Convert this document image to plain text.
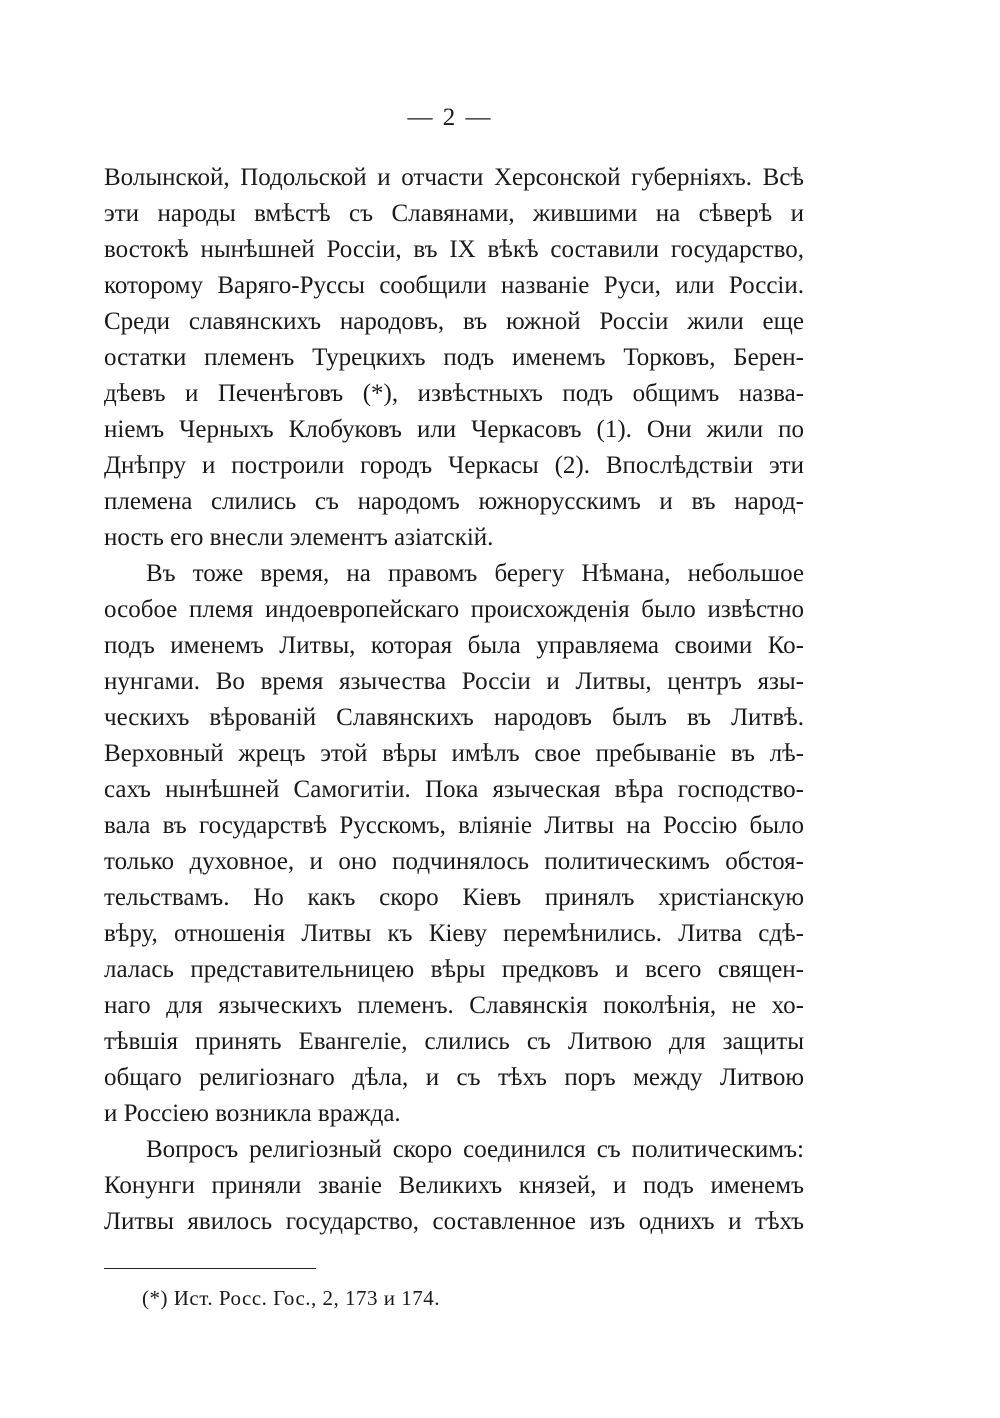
— 2 —
Волынской, Подольской и отчасти Херсонской губерніяхъ. Всѣ
эти народы вмѣстѣ съ Славянами, жившими на сѣверѣ и
востокѣ нынѣшней Россіи, въ IX вѣкѣ составили государство,
которому Варяго-Руссы сообщили названіе Руси, или Россіи.
Среди славянскихъ народовъ, въ южной Россіи жили еще
остатки племенъ Турецкихъ подъ именемъ Торковъ, Берен-
дѣевъ и Печенѣговъ (*), извѣстныхъ подъ общимъ назва-
ніемъ Черныхъ Клобуковъ или Черкасовъ (1). Они жили по
Днѣпру и построили городъ Черкасы (2). Впослѣдствіи эти
племена слились съ народомъ южнорусскимъ и въ народ-
ность его внесли элементъ азіатскій.
Въ тоже время, на правомъ берегу Нѣмана, небольшое
особое племя индоевропейскаго происхожденія было извѣстно
подъ именемъ Литвы, которая была управляема своими Ко-
нунгами. Во время язычества Россіи и Литвы, центръ язы-
ческихъ вѣрованій Славянскихъ народовъ былъ въ Литвѣ.
Верховный жрецъ этой вѣры имѣлъ свое пребываніе въ лѣ-
сахъ нынѣшней Самогитіи. Пока языческая вѣра господство-
вала въ государствѣ Русскомъ, вліяніе Литвы на Россію было
только духовное, и оно подчинялось политическимъ обстоя-
тельствамъ. Но какъ скоро Кіевъ принялъ христіанскую
вѣру, отношенія Литвы къ Кіеву перемѣнились. Литва сдѣ-
лалась представительницею вѣры предковъ и всего священ-
наго для языческихъ племенъ. Славянскія поколѣнія, не хо-
тѣвшія принять Евангеліе, слились съ Литвою для защиты
общаго религіознаго дѣла, и съ тѣхъ поръ между Литвою
и Россіею возникла вражда.
Вопросъ религіозный скоро соединился съ политическимъ:
Конунги приняли званіе Великихъ князей, и подъ именемъ
Литвы явилось государство, составленное изъ однихъ и тѣхъ
(*) Ист. Росс. Гос., 2, 173 и 174.
